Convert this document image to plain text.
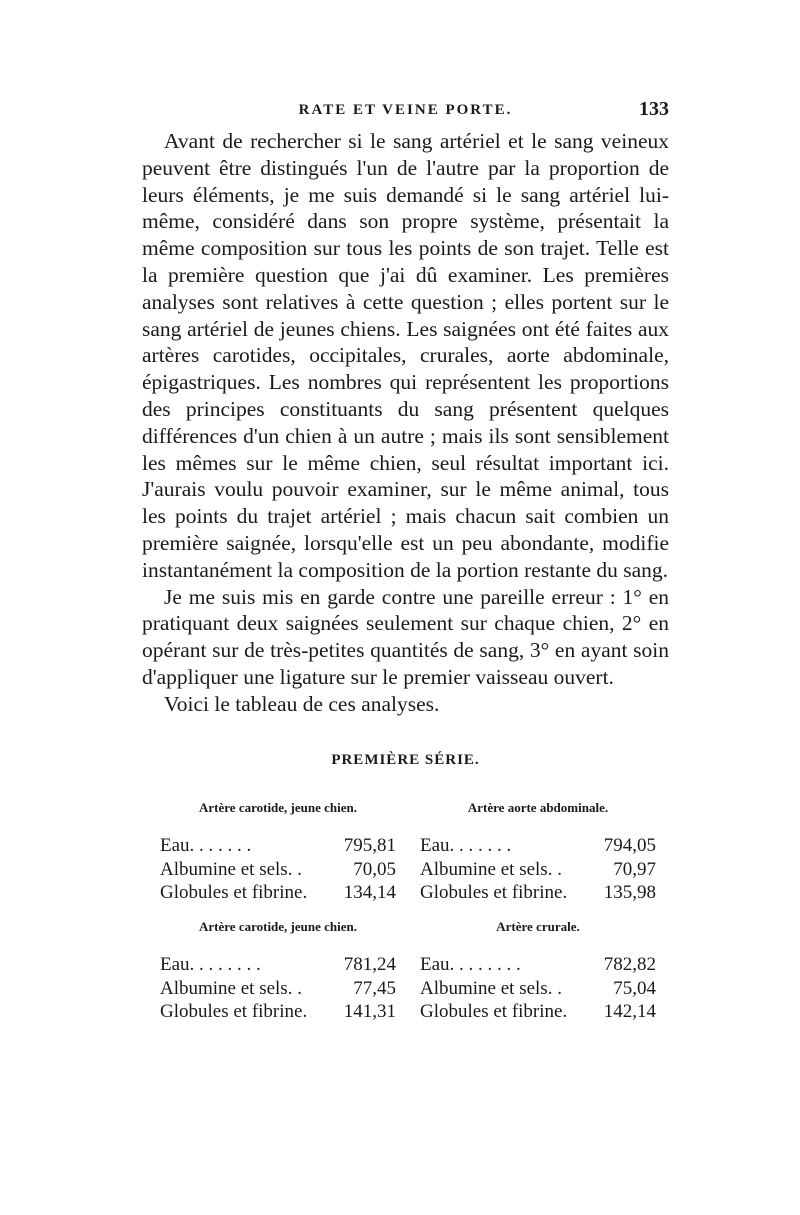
RATE ET VEINE PORTE.	133

Avant de rechercher si le sang artériel et le sang veineux peuvent être distingués l'un de l'autre par la proportion de leurs éléments, je me suis demandé si le sang artériel lui-même, considéré dans son propre système, présentait la même composition sur tous les points de son trajet. Telle est la première question que j'ai dû examiner. Les premières analyses sont relatives à cette question ; elles portent sur le sang artériel de jeunes chiens. Les saignées ont été faites aux artères carotides, occipitales, crurales, aorte abdominale, épigastriques. Les nombres qui représentent les proportions des principes constituants du sang présentent quelques différences d'un chien à un autre ; mais ils sont sensiblement les mêmes sur le même chien, seul résultat important ici. J'aurais voulu pouvoir examiner, sur le même animal, tous les points du trajet artériel ; mais chacun sait combien un première saignée, lorsqu'elle est un peu abondante, modifie instantanément la composition de la portion restante du sang.

Je me suis mis en garde contre une pareille erreur : 1° en pratiquant deux saignées seulement sur chaque chien, 2° en opérant sur de très-petites quantités de sang, 3° en ayant soin d'appliquer une ligature sur le premier vaisseau ouvert.

Voici le tableau de ces analyses.

PREMIÈRE SÉRIE.
Artère carotide, jeune chien.
Eau. . . . . . .	795,81
Albumine et sels. .	70,05
Globules et fibrine. 134,14
Artère aorte abdominale.
Eau. . . . . . .	794,05
Albumine et sels. .	70,97
Globules et fibrine. 135,98
Artère carotide, jeune chien.
Eau. . . . . . . .	781,24
Albumine et sels. .	77,45
Globules et fibrine. 141,31
Artère crurale.
Eau. . . . . . . .	782,82
Albumine et sels. .	75,04
Globules et fibrine. 142,14
